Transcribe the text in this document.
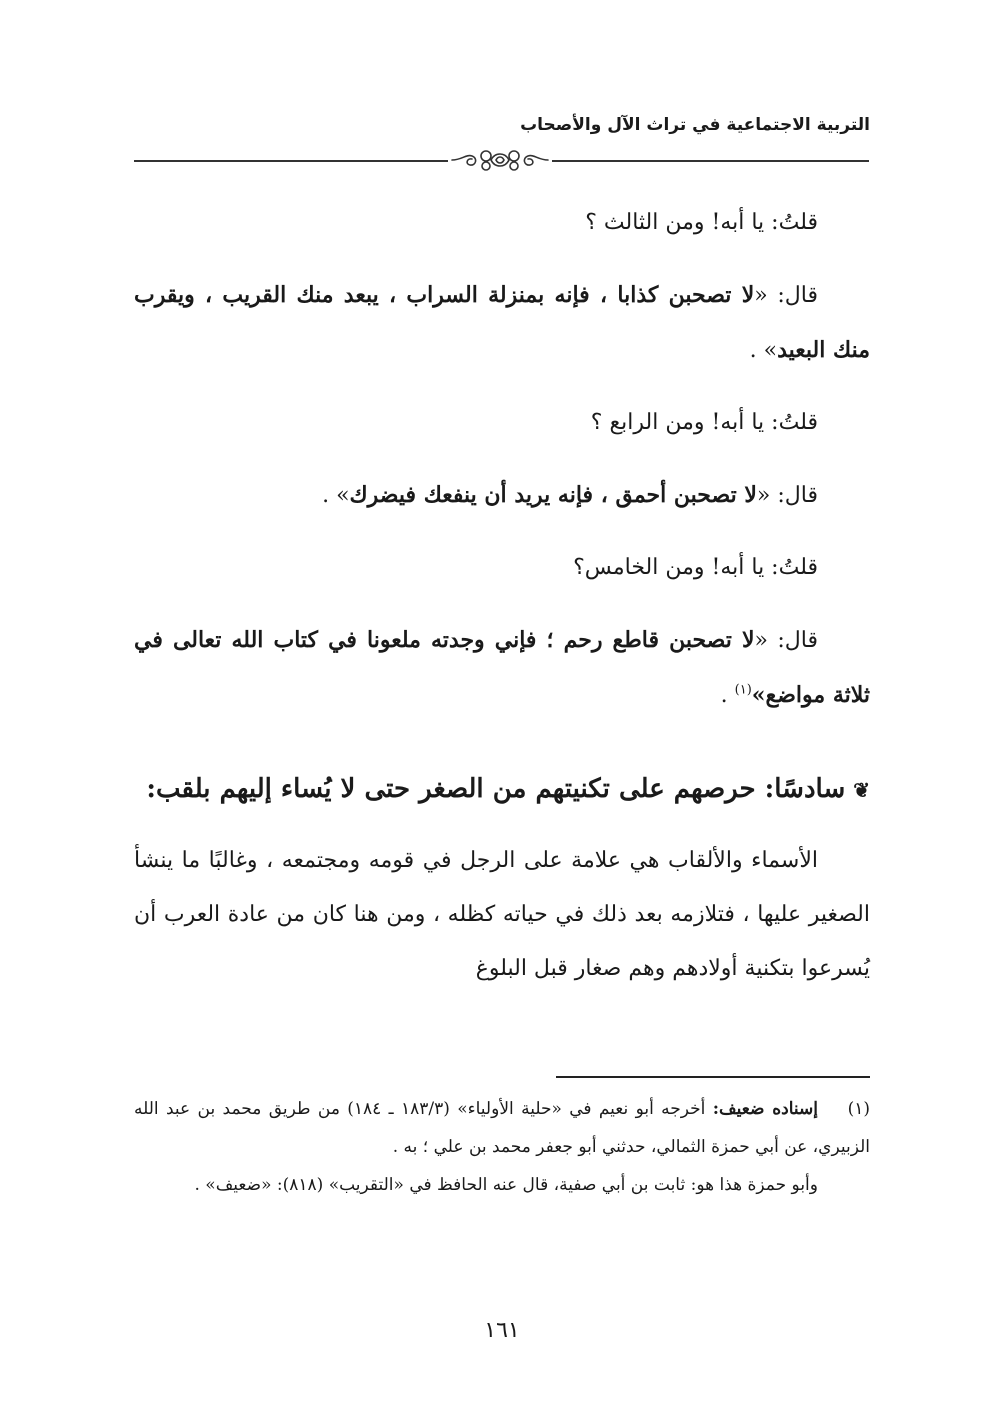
التربية الاجتماعية في تراث الآل والأصحاب

قلتُ: يا أبه! ومن الثالث ؟

قال: «لا تصحبن كذابا ، فإنه بمنزلة السراب ، يبعد منك القريب ، ويقرب منك البعيد» .

قلتُ: يا أبه! ومن الرابع ؟

قال: «لا تصحبن أحمق ، فإنه يريد أن ينفعك فيضرك» .

قلتُ: يا أبه! ومن الخامس؟

قال: «لا تصحبن قاطع رحم ؛ فإني وجدته ملعونا في كتاب الله تعالى في ثلاثة مواضع»$^{(١)}$ .

❦سادسًا: حرصهم على تكنيتهم من الصغر حتى لا يُساء إليهم بلقب:

الأسماء والألقاب هي علامة على الرجل في قومه ومجتمعه ، وغالبًا ما ينشأ الصغير عليها ، فتلازمه بعد ذلك في حياته كظله ، ومن هنا كان من عادة العرب أن يُسرعوا بتكنية أولادهم وهم صغار قبل البلوغ

(١)إسناده ضعيف: أخرجه أبو نعيم في «حلية الأولياء» (١٨٣/٣ ـ ١٨٤) من طريق محمد بن عبد الله الزبيري، عن أبي حمزة الثمالي، حدثني أبو جعفر محمد بن علي ؛ به .

وأبو حمزة هذا هو: ثابت بن أبي صفية، قال عنه الحافظ في «التقريب» (٨١٨): «ضعيف» .

١٦١
